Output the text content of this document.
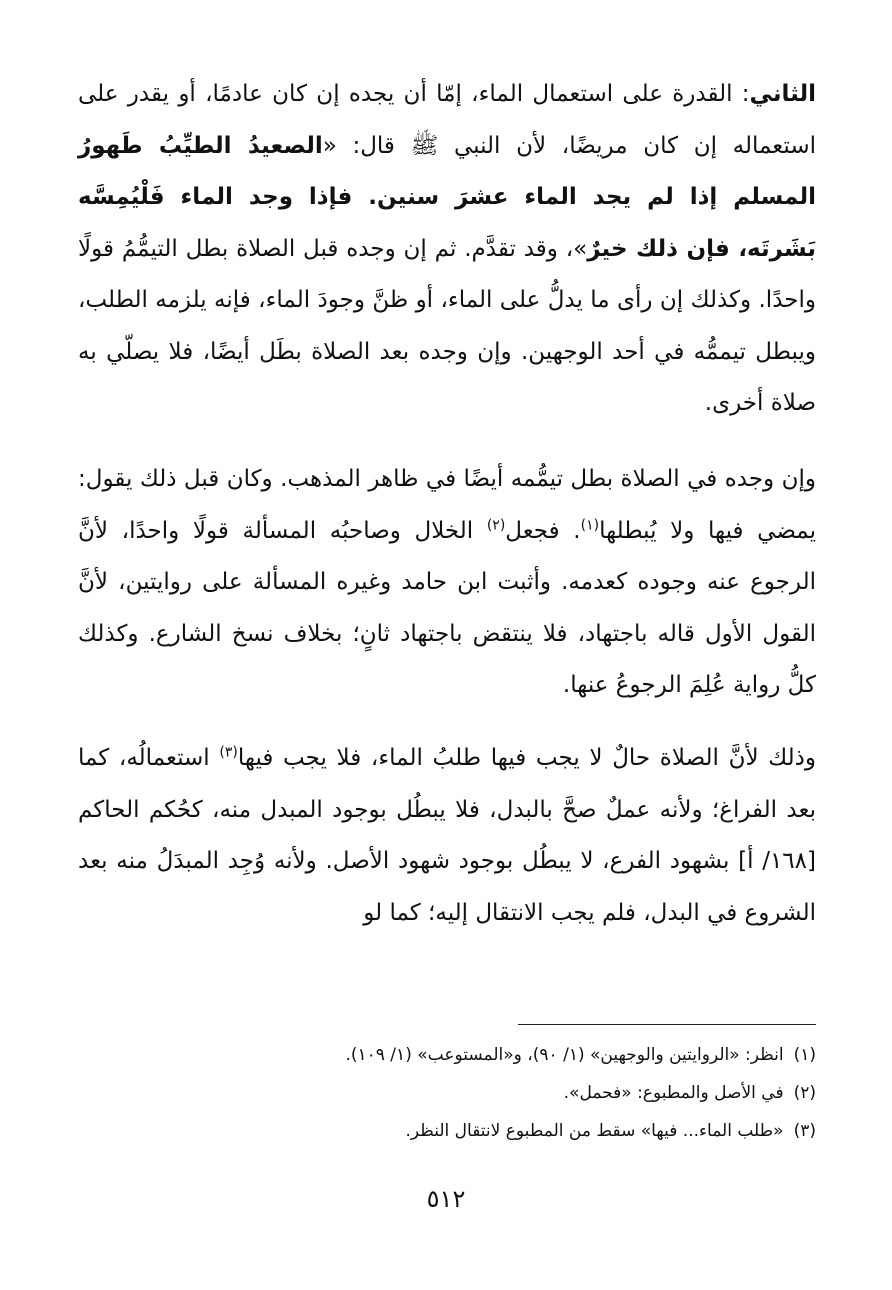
الثاني: القدرة على استعمال الماء، إمّا أن يجده إن كان عادمًا، أو يقدر على استعماله إن كان مريضًا، لأن النبي ﷺ قال: «الصعيدُ الطيِّبُ طَهورُ المسلم إذا لم يجد الماء عشرَ سنين. فإذا وجد الماء فَلْيُمِسَّه بَشَرتَه، فإن ذلك خيرٌ»، وقد تقدَّم. ثم إن وجده قبل الصلاة بطل التيمُّمُ قولًا واحدًا. وكذلك إن رأى ما يدلُّ على الماء، أو ظنَّ وجودَ الماء، فإنه يلزمه الطلب، ويبطل تيممُّه في أحد الوجهين. وإن وجده بعد الصلاة بطَل أيضًا، فلا يصلّي به صلاة أخرى.

وإن وجده في الصلاة بطل تيمُّمه أيضًا في ظاهر المذهب. وكان قبل ذلك يقول: يمضي فيها ولا يُبطلها$^{(١)}$. فجعل$^{(٢)}$ الخلال وصاحبُه المسألة قولًا واحدًا، لأنَّ الرجوع عنه وجوده كعدمه. وأثبت ابن حامد وغيره المسألة على روايتين، لأنَّ القول الأول قاله باجتهاد، فلا ينتقض باجتهاد ثانٍ؛ بخلاف نسخ الشارع. وكذلك كلُّ رواية عُلِمَ الرجوعُ عنها.

وذلك لأنَّ الصلاة حالٌ لا يجب فيها طلبُ الماء، فلا يجب فيها$^{(٣)}$ استعمالُه، كما بعد الفراغ؛ ولأنه عملٌ صحَّ بالبدل، فلا يبطُل بوجود المبدل منه، كحُكم الحاكم [١٦٨/ أ] بشهود الفرع، لا يبطُل بوجود شهود الأصل. ولأنه وُجِد المبدَلُ منه بعد الشروع في البدل، فلم يجب الانتقال إليه؛ كما لو

(١)انظر: «الروايتين والوجهين» (١/ ٩٠)، و«المستوعب» (١/ ١٠٩).
(٢)في الأصل والمطبوع: «فحمل».
(٣)«طلب الماء... فيها» سقط من المطبوع لانتقال النظر.
٥١٢
